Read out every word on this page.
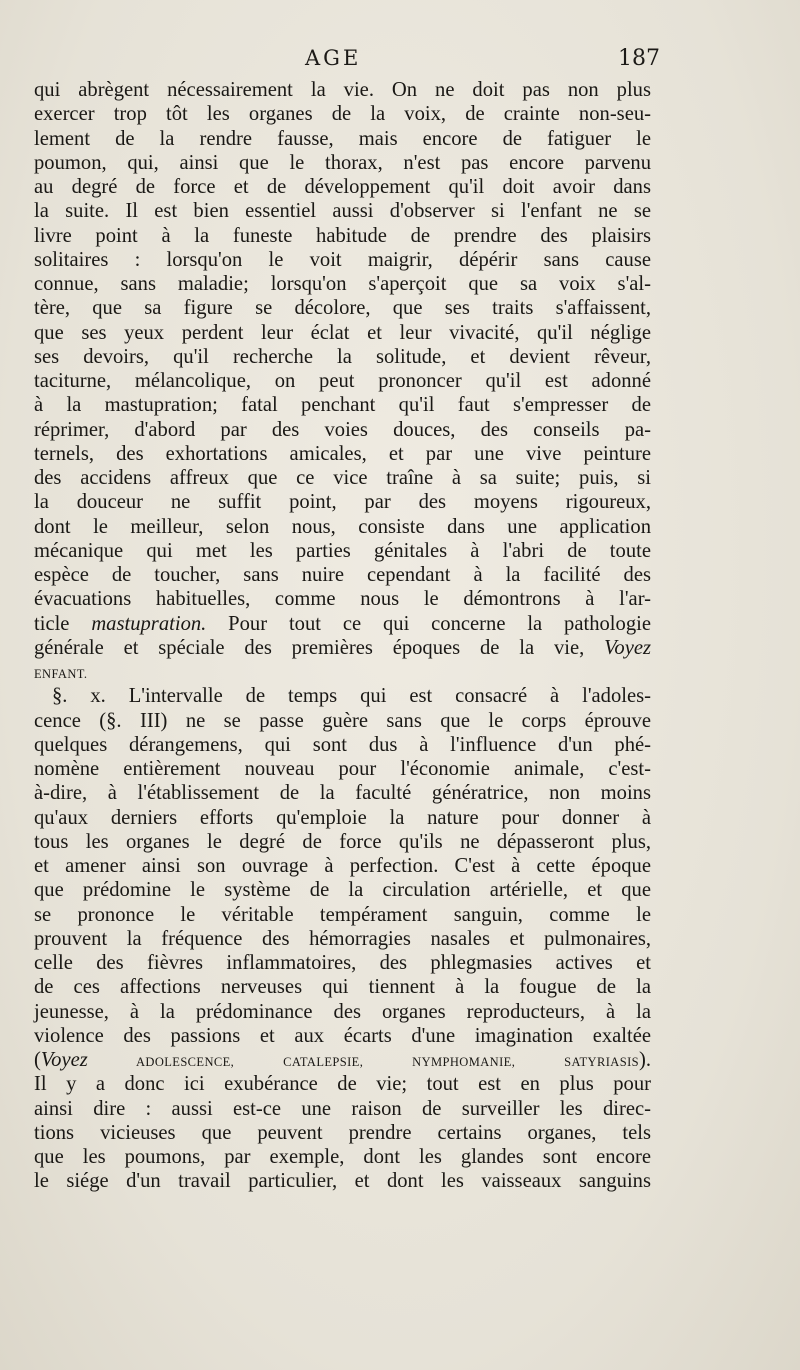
AGE	187
qui abrègent nécessairement la vie. On ne doit pas non plus
exercer trop tôt les organes de la voix, de crainte non-seu-
lement de la rendre fausse, mais encore de fatiguer le
poumon, qui, ainsi que le thorax, n'est pas encore parvenu
au degré de force et de développement qu'il doit avoir dans
la suite. Il est bien essentiel aussi d'observer si l'enfant ne se
livre point à la funeste habitude de prendre des plaisirs
solitaires : lorsqu'on le voit maigrir, dépérir sans cause
connue, sans maladie; lorsqu'on s'aperçoit que sa voix s'al-
tère, que sa figure se décolore, que ses traits s'affaissent,
que ses yeux perdent leur éclat et leur vivacité, qu'il néglige
ses devoirs, qu'il recherche la solitude, et devient rêveur,
taciturne, mélancolique, on peut prononcer qu'il est adonné
à la mastupration; fatal penchant qu'il faut s'empresser de
réprimer, d'abord par des voies douces, des conseils pa-
ternels, des exhortations amicales, et par une vive peinture
des accidens affreux que ce vice traîne à sa suite; puis, si
la douceur ne suffit point, par des moyens rigoureux,
dont le meilleur, selon nous, consiste dans une application
mécanique qui met les parties génitales à l'abri de toute
espèce de toucher, sans nuire cependant à la facilité des
évacuations habituelles, comme nous le démontrons à l'ar-
ticle mastupration. Pour tout ce qui concerne la pathologie
générale et spéciale des premières époques de la vie, Voyez
ENFANT.
§. x. L'intervalle de temps qui est consacré à l'adoles-
cence (§. III) ne se passe guère sans que le corps éprouve
quelques dérangemens, qui sont dus à l'influence d'un phé-
nomène entièrement nouveau pour l'économie animale, c'est-
à-dire, à l'établissement de la faculté génératrice, non moins
qu'aux derniers efforts qu'emploie la nature pour donner à
tous les organes le degré de force qu'ils ne dépasseront plus,
et amener ainsi son ouvrage à perfection. C'est à cette époque
que prédomine le système de la circulation artérielle, et que
se prononce le véritable tempérament sanguin, comme le
prouvent la fréquence des hémorragies nasales et pulmonaires,
celle des fièvres inflammatoires, des phlegmasies actives et
de ces affections nerveuses qui tiennent à la fougue de la
jeunesse, à la prédominance des organes reproducteurs, à la
violence des passions et aux écarts d'une imagination exaltée
(Voyez ADOLESCENCE, CATALEPSIE, NYMPHOMANIE, SATYRIASIS).
Il y a donc ici exubérance de vie; tout est en plus pour
ainsi dire : aussi est-ce une raison de surveiller les direc-
tions vicieuses que peuvent prendre certains organes, tels
que les poumons, par exemple, dont les glandes sont encore
le siége d'un travail particulier, et dont les vaisseaux sanguins
